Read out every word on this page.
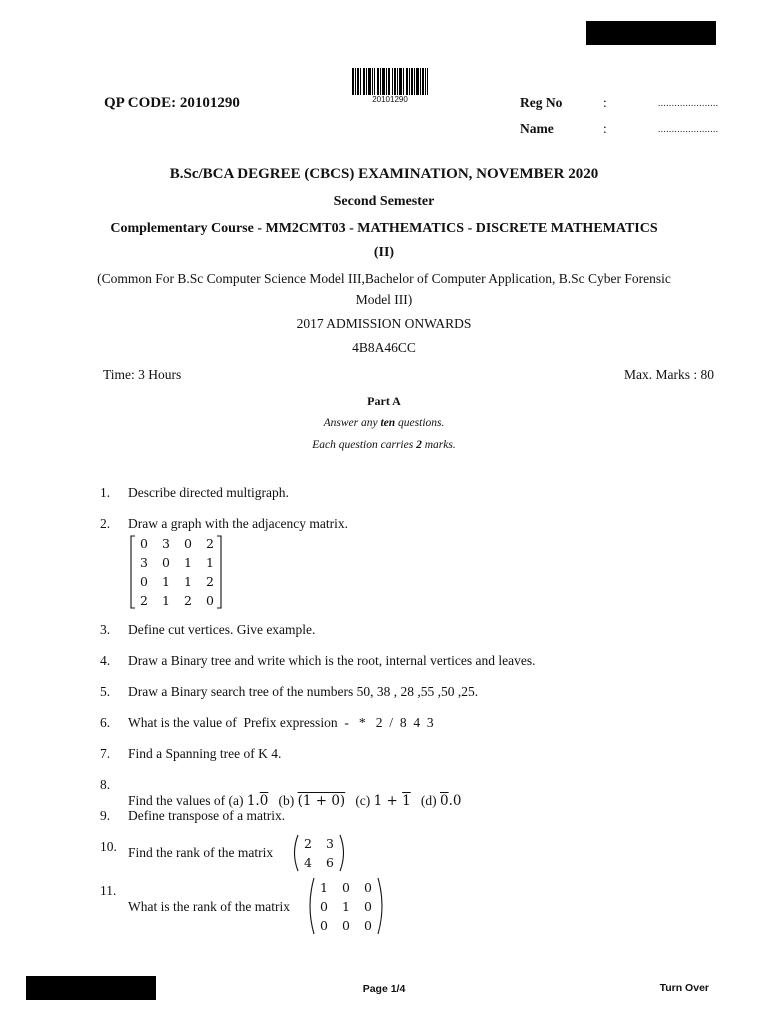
QP CODE: 20101290	20101290	Reg No	:	......................
Name	:	......................
B.Sc/BCA DEGREE (CBCS) EXAMINATION, NOVEMBER 2020
Second Semester
Complementary Course - MM2CMT03 - MATHEMATICS - DISCRETE MATHEMATICS
(II)
(Common For B.Sc Computer Science Model III,Bachelor of Computer Application, B.Sc Cyber Forensic
Model III)
2017 ADMISSION ONWARDS
4B8A46CC
Time: 3 Hours	Max. Marks : 80
Part A
Answer any ten questions.
Each question carries 2 marks.
1. Describe directed multigraph.
2. Draw a graph with the adjacency matrix.
0 3 0 2
3 0 1 1
0 1 1 2
2 1 2 0
3. Define cut vertices. Give example.
4. Draw a Binary tree and write which is the root, internal vertices and leaves.
5. Draw a Binary search tree of the numbers 50, 38 , 28 ,55 ,50 ,25.
6. What is the value of  Prefix expression  -   *   2  /  8  4  3
7. Find a Spanning tree of K 4.
8.

Find the values of (a) 1.0   (b) (1 + 0)   (c) 1 + 1   (d) 0.0

9. Define transpose of a matrix.
10. Find the rank of the matrix
2 3
4 6
11.
What is the rank of the matrix
1 0 0
0 1 0
0 0 0
Page 1/4	Turn Over
